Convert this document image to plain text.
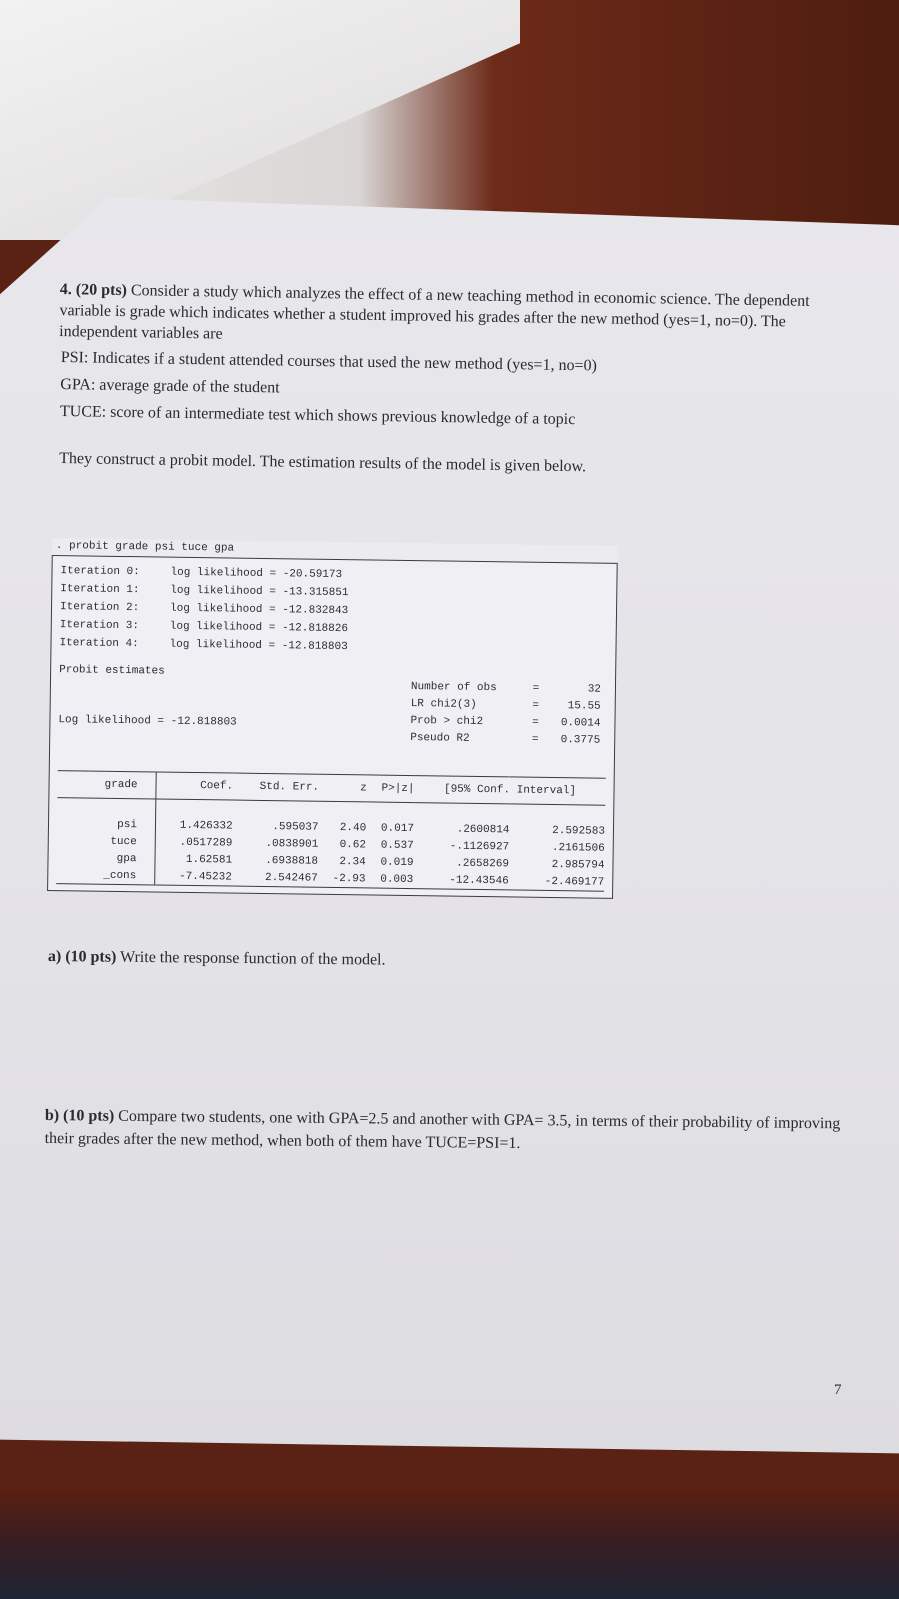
4. (20 pts) Consider a study which analyzes the effect of a new teaching method in economic science. The dependent variable is grade which indicates whether a student improved his grades after the new method (yes=1, no=0). The independent variables are

PSI: Indicates if a student attended courses that used the new method (yes=1, no=0)

GPA: average grade of the student

TUCE: score of an intermediate test which shows previous knowledge of a topic

They construct a probit model. The estimation results of the model is given below.

. probit grade psi tuce gpa
Iteration 0:	log likelihood = -20.59173
Iteration 1:	log likelihood = -13.315851
Iteration 2:	log likelihood = -12.832843
Iteration 3:	log likelihood = -12.818826
Iteration 4:	log likelihood = -12.818803
Probit estimates
Log likelihood = -12.818803
Number of obs	=	32
LR chi2(3)	=	15.55
Prob > chi2	=	0.0014
Pseudo R2	=	0.3775
grade	Coef.	Std. Err.	z	P>|z|	[95% Conf. Interval]	

psi	1.426332	.595037	2.40	0.017	.2600814	2.592583
tuce	.0517289	.0838901	0.62	0.537	-.1126927	.2161506
gpa	1.62581	.6938818	2.34	0.019	.2658269	2.985794
_cons	-7.45232	2.542467	-2.93	0.003	-12.43546	-2.469177
a) (10 pts) Write the response function of the model.
b) (10 pts) Compare two students, one with GPA=2.5 and another with GPA= 3.5, in terms of their probability of improving their grades after the new method, when both of them have TUCE=PSI=1.
7
